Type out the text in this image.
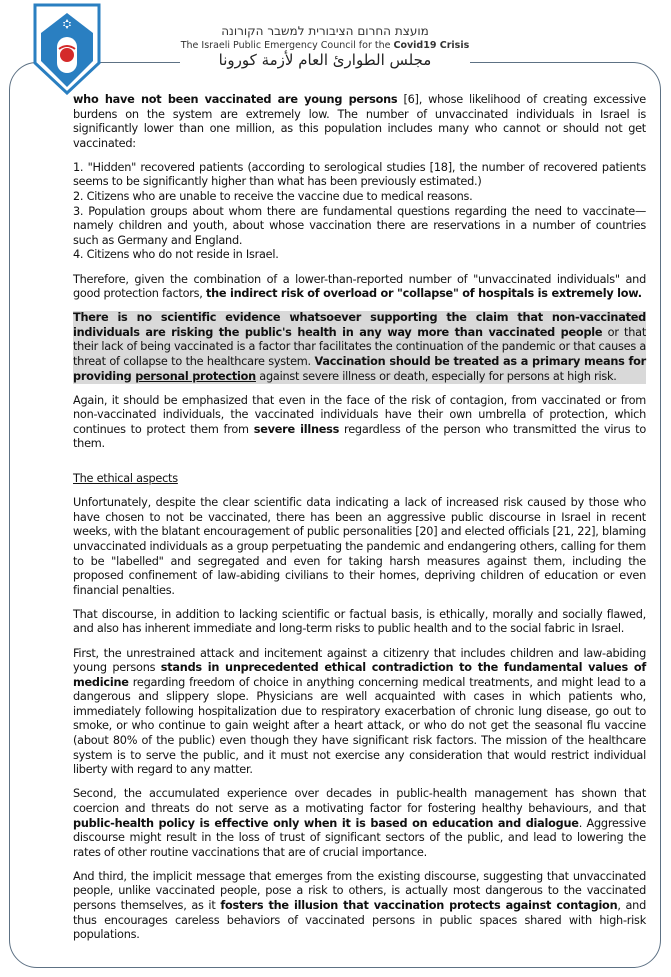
מועצת החרום הציבורית למשבר הקורונה
The Israeli Public Emergency Council for the Covid19 Crisis
مجلس الطوارئ العام لأزمة كورونا

who have not been vaccinated are young persons [6], whose likelihood of creating excessive burdens on the system are extremely low. The number of unvaccinated individuals in Israel is significantly lower than one million, as this population includes many who cannot or should not get vaccinated:

1. "Hidden" recovered patients (according to serological studies [18], the number of recovered patients seems to be significantly higher than what has been previously estimated.)

2. Citizens who are unable to receive the vaccine due to medical reasons.

3. Population groups about whom there are fundamental questions regarding the need to vaccinate—namely children and youth, about whose vaccination there are reservations in a number of countries such as Germany and England.

4. Citizens who do not reside in Israel.

Therefore, given the combination of a lower-than-reported number of "unvaccinated individuals" and good protection factors, the indirect risk of overload or "collapse" of hospitals is extremely low.

There is no scientific evidence whatsoever supporting the claim that non-vaccinated individuals are risking the public's health in any way more than vaccinated people or that their lack of being vaccinated is a factor thar facilitates the continuation of the pandemic or that causes a threat of collapse to the healthcare system. Vaccination should be treated as a primary means for providing personal protection against severe illness or death, especially for persons at high risk.

Again, it should be emphasized that even in the face of the risk of contagion, from vaccinated or from non-vaccinated individuals, the vaccinated individuals have their own umbrella of protection, which continues to protect them from severe illness regardless of the person who transmitted the virus to them.

The ethical aspects

Unfortunately, despite the clear scientific data indicating a lack of increased risk caused by those who have chosen to not be vaccinated, there has been an aggressive public discourse in Israel in recent weeks, with the blatant encouragement of public personalities [20] and elected officials [21, 22], blaming unvaccinated individuals as a group perpetuating the pandemic and endangering others, calling for them to be "labelled" and segregated and even for taking harsh measures against them, including the proposed confinement of law-abiding civilians to their homes, depriving children of education or even financial penalties.

That discourse, in addition to lacking scientific or factual basis, is ethically, morally and socially flawed, and also has inherent immediate and long-term risks to public health and to the social fabric in Israel.

First, the unrestrained attack and incitement against a citizenry that includes children and law-abiding young persons stands in unprecedented ethical contradiction to the fundamental values of medicine regarding freedom of choice in anything concerning medical treatments, and might lead to a dangerous and slippery slope. Physicians are well acquainted with cases in which patients who, immediately following hospitalization due to respiratory exacerbation of chronic lung disease, go out to smoke, or who continue to gain weight after a heart attack, or who do not get the seasonal flu vaccine (about 80% of the public) even though they have significant risk factors. The mission of the healthcare system is to serve the public, and it must not exercise any consideration that would restrict individual liberty with regard to any matter.

Second, the accumulated experience over decades in public-health management has shown that coercion and threats do not serve as a motivating factor for fostering healthy behaviours, and that public-health policy is effective only when it is based on education and dialogue. Aggressive discourse might result in the loss of trust of significant sectors of the public, and lead to lowering the rates of other routine vaccinations that are of crucial importance.

And third, the implicit message that emerges from the existing discourse, suggesting that unvaccinated people, unlike vaccinated people, pose a risk to others, is actually most dangerous to the vaccinated persons themselves, as it fosters the illusion that vaccination protects against contagion, and thus encourages careless behaviors of vaccinated persons in public spaces shared with high-risk populations.
